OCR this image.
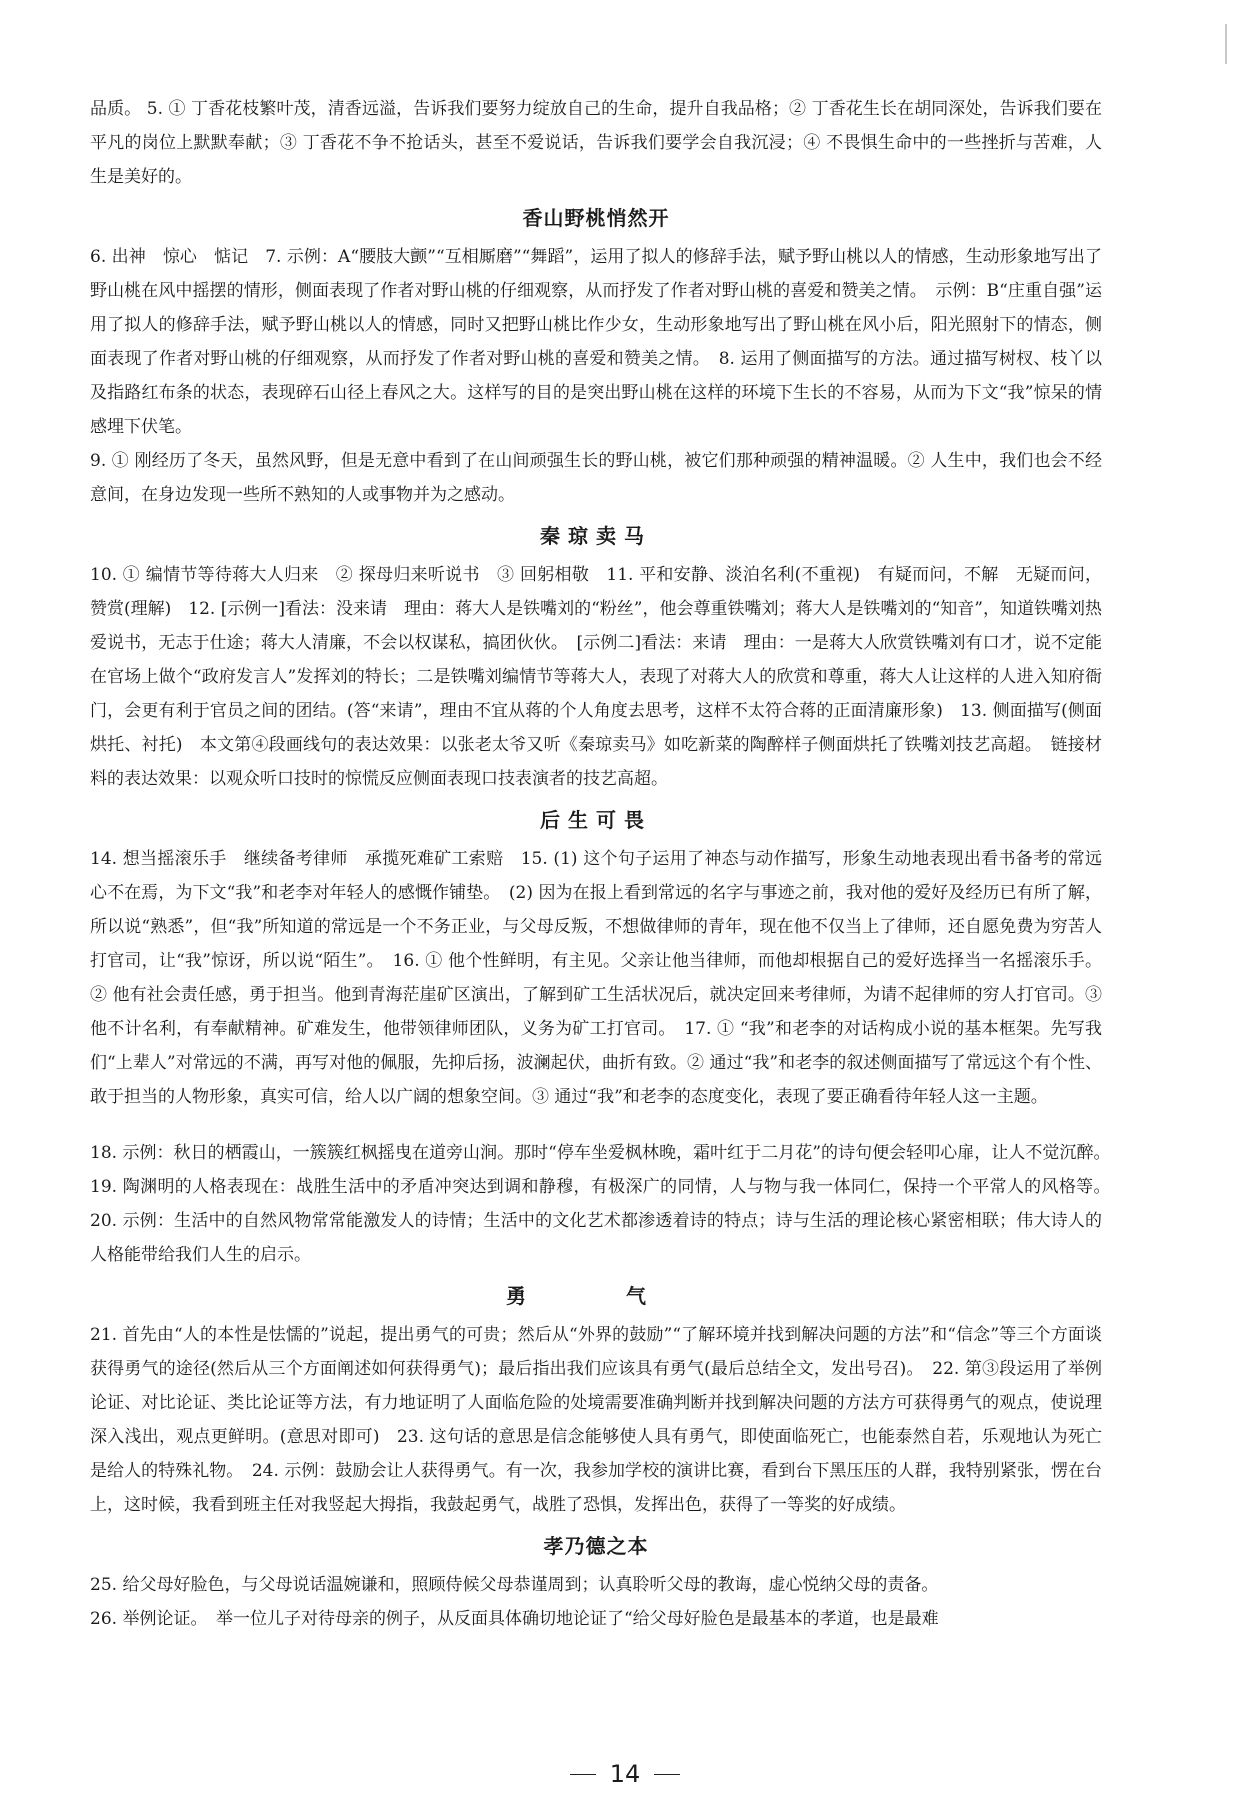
品质。 5. ① 丁香花枝繁叶茂，清香远溢，告诉我们要努力绽放自己的生命，提升自我品格；② 丁香花生长在胡同深处，告诉我们要在平凡的岗位上默默奉献；③ 丁香花不争不抢话头，甚至不爱说话，告诉我们要学会自我沉浸；④ 不畏惧生命中的一些挫折与苦难，人生是美好的。

香山野桃悄然开

6. 出神　惊心　惦记　7. 示例：A“腰肢大颤”“互相厮磨”“舞蹈”，运用了拟人的修辞手法，赋予野山桃以人的情感，生动形象地写出了野山桃在风中摇摆的情形，侧面表现了作者对野山桃的仔细观察，从而抒发了作者对野山桃的喜爱和赞美之情。　示例：B“庄重自强”运用了拟人的修辞手法，赋予野山桃以人的情感，同时又把野山桃比作少女，生动形象地写出了野山桃在风小后，阳光照射下的情态，侧面表现了作者对野山桃的仔细观察，从而抒发了作者对野山桃的喜爱和赞美之情。　8. 运用了侧面描写的方法。通过描写树杈、枝丫以及指路红布条的状态，表现碎石山径上春风之大。这样写的目的是突出野山桃在这样的环境下生长的不容易，从而为下文“我”惊呆的情感埋下伏笔。

9. ① 刚经历了冬天，虽然风野，但是无意中看到了在山间顽强生长的野山桃，被它们那种顽强的精神温暖。② 人生中，我们也会不经意间，在身边发现一些所不熟知的人或事物并为之感动。

秦琼卖马

10. ① 编情节等待蒋大人归来　② 探母归来听说书　③ 回躬相敬　11. 平和安静、淡泊名利(不重视)　有疑而问，不解　无疑而问，赞赏(理解)　12. [示例一]看法：没来请　理由：蒋大人是铁嘴刘的“粉丝”，他会尊重铁嘴刘；蒋大人是铁嘴刘的“知音”，知道铁嘴刘热爱说书，无志于仕途；蒋大人清廉，不会以权谋私，搞团伙伙。　[示例二]看法：来请　理由：一是蒋大人欣赏铁嘴刘有口才，说不定能在官场上做个“政府发言人”发挥刘的特长；二是铁嘴刘编情节等蒋大人，表现了对蒋大人的欣赏和尊重，蒋大人让这样的人进入知府衙门，会更有利于官员之间的团结。(答“来请”，理由不宜从蒋的个人角度去思考，这样不太符合蒋的正面清廉形象)　13. 侧面描写(侧面烘托、衬托)　本文第④段画线句的表达效果：以张老太爷又听《秦琼卖马》如吃新菜的陶醉样子侧面烘托了铁嘴刘技艺高超。　链接材料的表达效果：以观众听口技时的惊慌反应侧面表现口技表演者的技艺高超。

后生可畏

14. 想当摇滚乐手　继续备考律师　承揽死难矿工索赔　15. (1) 这个句子运用了神态与动作描写，形象生动地表现出看书备考的常远心不在焉，为下文“我”和老李对年轻人的感慨作铺垫。　(2) 因为在报上看到常远的名字与事迹之前，我对他的爱好及经历已有所了解，所以说“熟悉”，但“我”所知道的常远是一个不务正业，与父母反叛，不想做律师的青年，现在他不仅当上了律师，还自愿免费为穷苦人打官司，让“我”惊讶，所以说“陌生”。　16. ① 他个性鲜明，有主见。父亲让他当律师，而他却根据自己的爱好选择当一名摇滚乐手。② 他有社会责任感，勇于担当。他到青海茫崖矿区演出，了解到矿工生活状况后，就决定回来考律师，为请不起律师的穷人打官司。③ 他不计名利，有奉献精神。矿难发生，他带领律师团队，义务为矿工打官司。　17. ① “我”和老李的对话构成小说的基本框架。先写我们“上辈人”对常远的不满，再写对他的佩服，先抑后扬，波澜起伏，曲折有致。② 通过“我”和老李的叙述侧面描写了常远这个有个性、敢于担当的人物形象，真实可信，给人以广阔的想象空间。③ 通过“我”和老李的态度变化，表现了要正确看待年轻人这一主题。

18. 示例：秋日的栖霞山，一簇簇红枫摇曳在道旁山涧。那时“停车坐爱枫林晚，霜叶红于二月花”的诗句便会轻叩心扉，让人不觉沉醉。　19. 陶渊明的人格表现在：战胜生活中的矛盾冲突达到调和静穆，有极深广的同情，人与物与我一体同仁，保持一个平常人的风格等。　20. 示例：生活中的自然风物常常能激发人的诗情；生活中的文化艺术都渗透着诗的特点；诗与生活的理论核心紧密相联；伟大诗人的人格能带给我们人生的启示。

勇　气

21. 首先由“人的本性是怯懦的”说起，提出勇气的可贵；然后从“外界的鼓励”“了解环境并找到解决问题的方法”和“信念”等三个方面谈获得勇气的途径(然后从三个方面阐述如何获得勇气)；最后指出我们应该具有勇气(最后总结全文，发出号召)。　22. 第③段运用了举例论证、对比论证、类比论证等方法，有力地证明了人面临危险的处境需要准确判断并找到解决问题的方法方可获得勇气的观点，使说理深入浅出，观点更鲜明。(意思对即可)　23. 这句话的意思是信念能够使人具有勇气，即使面临死亡，也能泰然自若，乐观地认为死亡是给人的特殊礼物。　24. 示例：鼓励会让人获得勇气。有一次，我参加学校的演讲比赛，看到台下黑压压的人群，我特别紧张，愣在台上，这时候，我看到班主任对我竖起大拇指，我鼓起勇气，战胜了恐惧，发挥出色，获得了一等奖的好成绩。

孝乃德之本

25. 给父母好脸色，与父母说话温婉谦和，照顾侍候父母恭谨周到；认真聆听父母的教诲，虚心悦纳父母的责备。

26. 举例论证。　举一位儿子对待母亲的例子，从反面具体确切地论证了“给父母好脸色是最基本的孝道，也是最难

14
